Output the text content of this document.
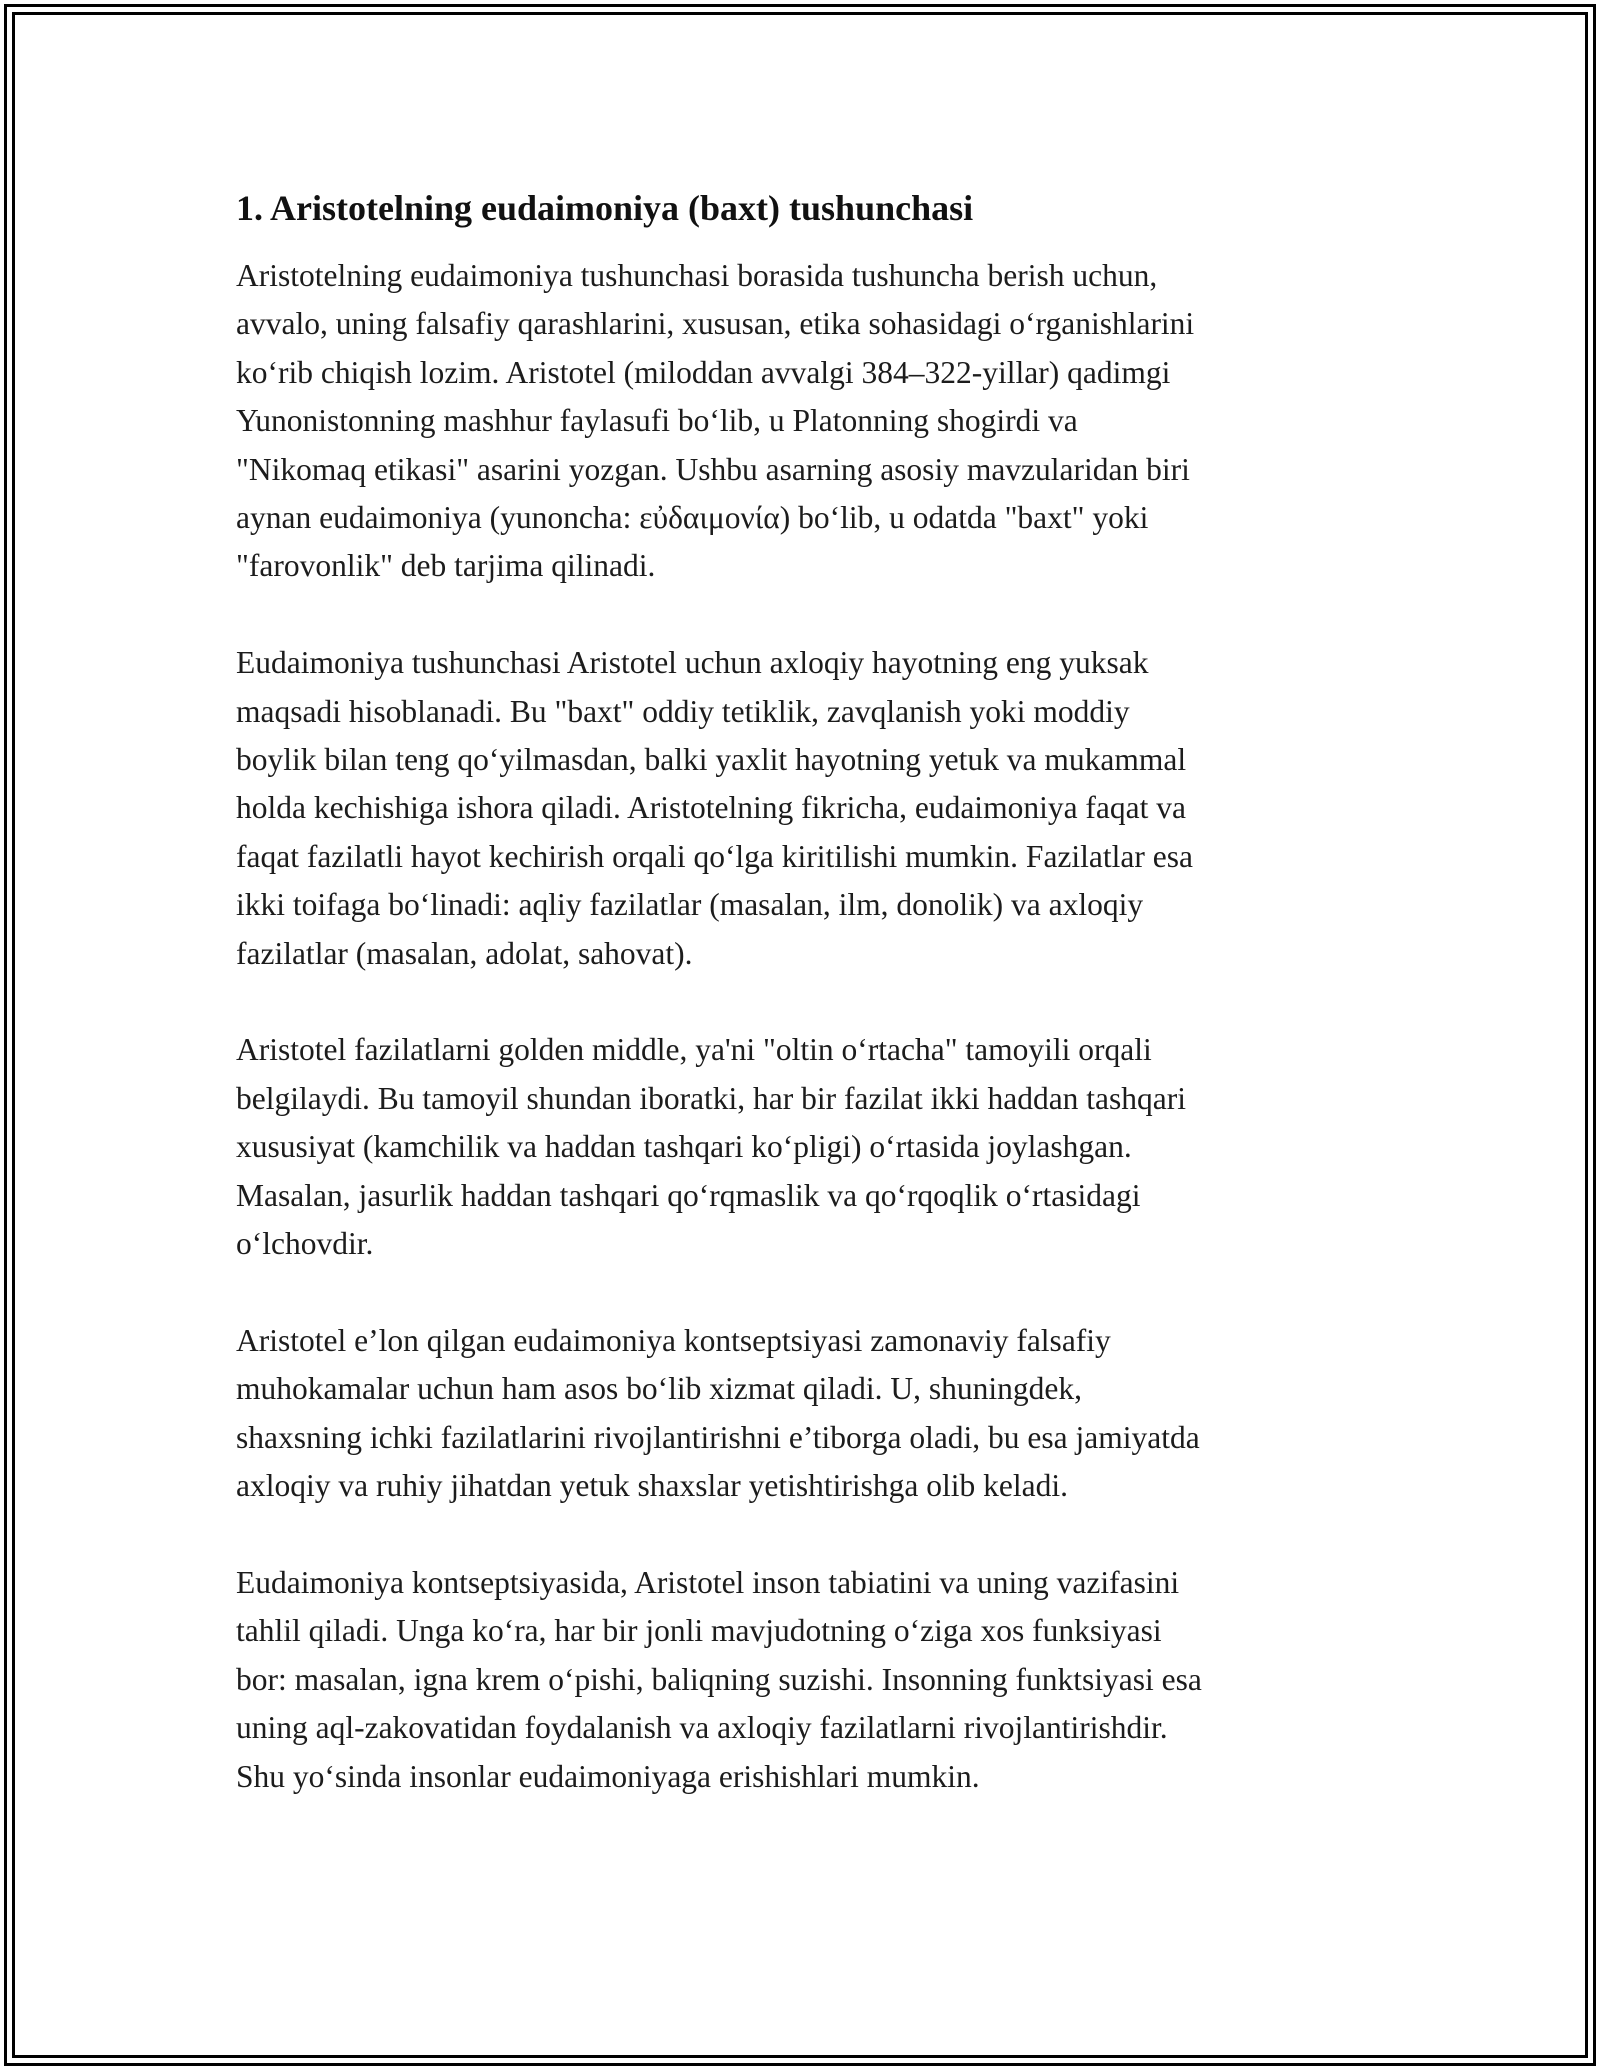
1. Aristotelning eudaimoniya (baxt) tushunchasi

Aristotelning eudaimoniya tushunchasi borasida tushuncha berish uchun,
avvalo, uning falsafiy qarashlarini, xususan, etika sohasidagi o‘rganishlarini
ko‘rib chiqish lozim. Aristotel (miloddan avvalgi 384–322-yillar) qadimgi
Yunonistonning mashhur faylasufi bo‘lib, u Platonning shogirdi va
"Nikomaq etikasi" asarini yozgan. Ushbu asarning asosiy mavzularidan biri
aynan eudaimoniya (yunoncha: εὐδαιμονία) bo‘lib, u odatda "baxt" yoki
"farovonlik" deb tarjima qilinadi.

Eudaimoniya tushunchasi Aristotel uchun axloqiy hayotning eng yuksak
maqsadi hisoblanadi. Bu "baxt" oddiy tetiklik, zavqlanish yoki moddiy
boylik bilan teng qo‘yilmasdan, balki yaxlit hayotning yetuk va mukammal
holda kechishiga ishora qiladi. Aristotelning fikricha, eudaimoniya faqat va
faqat fazilatli hayot kechirish orqali qo‘lga kiritilishi mumkin. Fazilatlar esa
ikki toifaga bo‘linadi: aqliy fazilatlar (masalan, ilm, donolik) va axloqiy
fazilatlar (masalan, adolat, sahovat).

Aristotel fazilatlarni golden middle, ya'ni "oltin o‘rtacha" tamoyili orqali
belgilaydi. Bu tamoyil shundan iboratki, har bir fazilat ikki haddan tashqari
xususiyat (kamchilik va haddan tashqari ko‘pligi) o‘rtasida joylashgan.
Masalan, jasurlik haddan tashqari qo‘rqmaslik va qo‘rqoqlik o‘rtasidagi
o‘lchovdir.

Aristotel e’lon qilgan eudaimoniya kontseptsiyasi zamonaviy falsafiy
muhokamalar uchun ham asos bo‘lib xizmat qiladi. U, shuningdek,
shaxsning ichki fazilatlarini rivojlantirishni e’tiborga oladi, bu esa jamiyatda
axloqiy va ruhiy jihatdan yetuk shaxslar yetishtirishga olib keladi.

Eudaimoniya kontseptsiyasida, Aristotel inson tabiatini va uning vazifasini
tahlil qiladi. Unga ko‘ra, har bir jonli mavjudotning o‘ziga xos funksiyasi
bor: masalan, igna krem o‘pishi, baliqning suzishi. Insonning funktsiyasi esa
uning aql-zakovatidan foydalanish va axloqiy fazilatlarni rivojlantirishdir.
Shu yo‘sinda insonlar eudaimoniyaga erishishlari mumkin.
